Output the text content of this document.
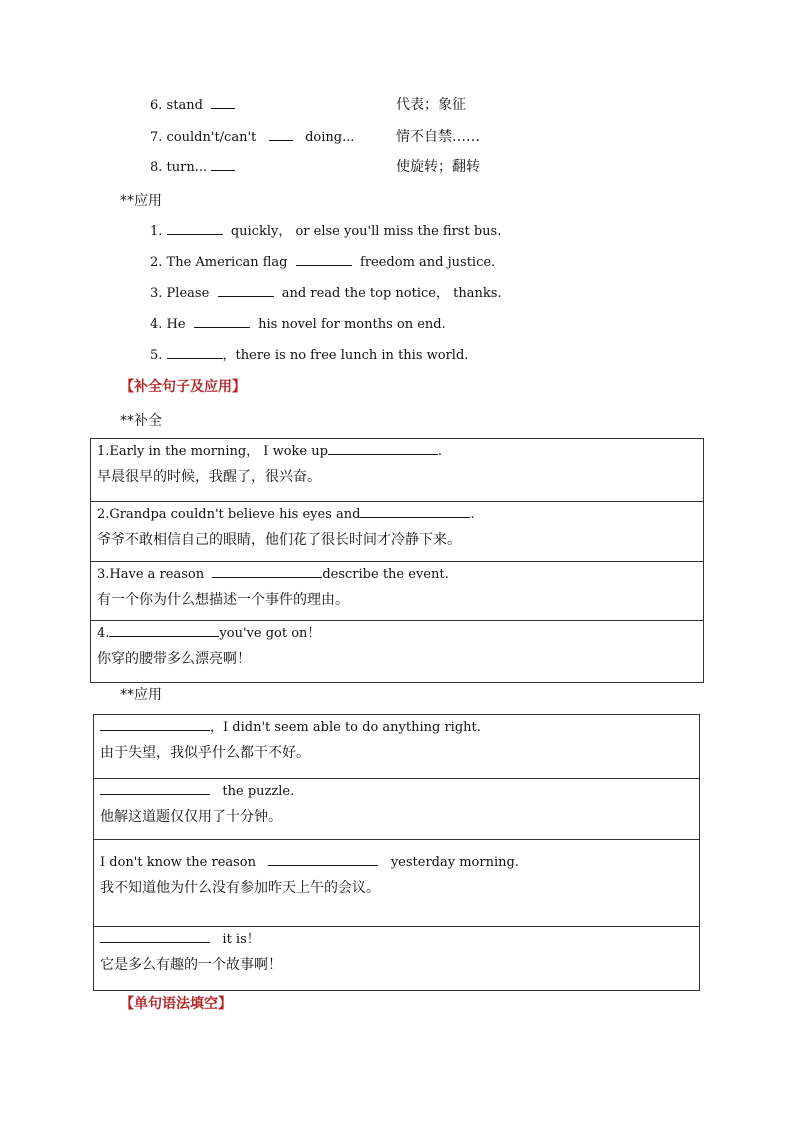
6. stand	代表；象征
7. couldn't/can't	doing...	情不自禁……
8. turn...	使旋转；翻转
**应用
1.	quickly， or else you'll miss the first bus.
2. The American flag	freedom and justice.
3. Please	and read the top notice， thanks.
4. He	his novel for months on end.
5.	，there is no free lunch in this world.
【补全句子及应用】
**补全
1.Early in the morning， I woke up	.
早晨很早的时候，我醒了，很兴奋。

2.Grandpa couldn't believe his eyes and	.
爷爷不敢相信自己的眼睛，他们花了很长时间才冷静下来。

3.Have a reason	describe the event.
有一个你为什么想描述一个事件的理由。

4.	you've got on！
你穿的腰带多么漂亮啊！
**应用
，I didn't seem able to do anything right.
由于失望，我似乎什么都干不好。

the puzzle.
他解这道题仅仅用了十分钟。

I don't know the reason	yesterday morning.
我不知道他为什么没有参加昨天上午的会议。

it is！
它是多么有趣的一个故事啊！
【单句语法填空】
